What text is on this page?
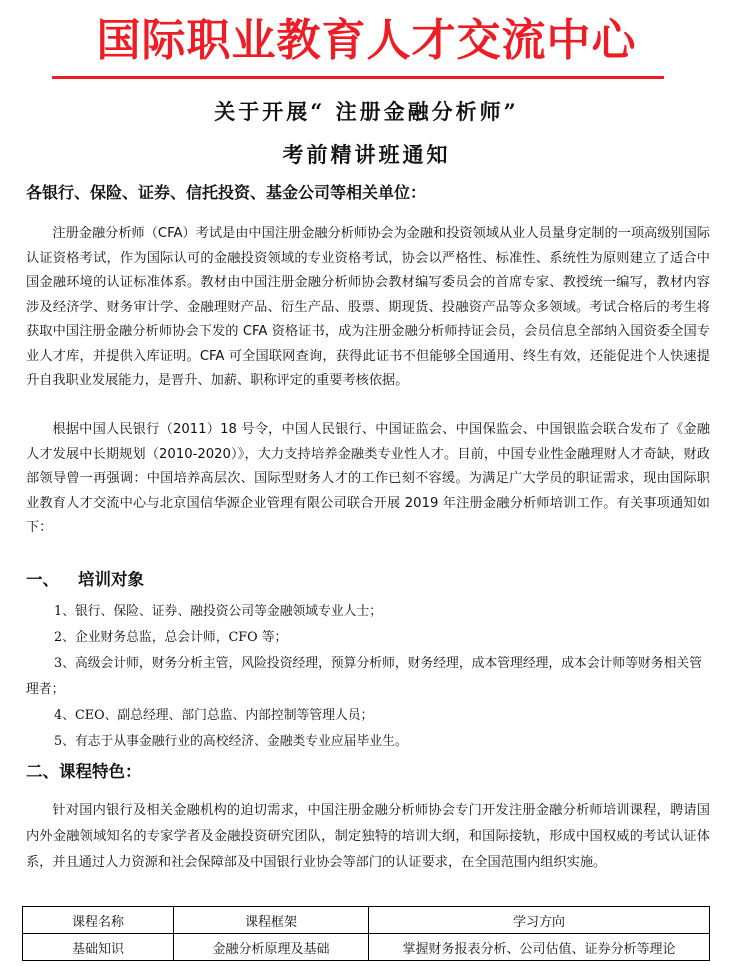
国际职业教育人才交流中心
关于开展“ 注册金融分析师”
考前精讲班通知
各银行、保险、证券、信托投资、基金公司等相关单位：
注册金融分析师（CFA）考试是由中国注册金融分析师协会为金融和投资领域从业人员量身定制的一项高级别国际认证资格考试，作为国际认可的金融投资领域的专业资格考试，协会以严格性、标准性、系统性为原则建立了适合中国金融环境的认证标准体系。教材由中国注册金融分析师协会教材编写委员会的首席专家、教授统一编写，教材内容涉及经济学、财务审计学、金融理财产品、衍生产品、股票、期现货、投融资产品等众多领域。考试合格后的考生将获取中国注册金融分析师协会下发的 CFA 资格证书，成为注册金融分析师持证会员，会员信息全部纳入国资委全国专业人才库，并提供入库证明。CFA 可全国联网查询，获得此证书不但能够全国通用、终生有效，还能促进个人快速提升自我职业发展能力，是晋升、加薪、职称评定的重要考核依据。
根据中国人民银行（2011）18 号令，中国人民银行、中国证监会、中国保监会、中国银监会联合发布了《金融人才发展中长期规划（2010-2020）》，大力支持培养金融类专业性人才。目前，中国专业性金融理财人才奇缺，财政部领导曾一再强调：中国培养高层次、国际型财务人才的工作已刻不容缓。为满足广大学员的职证需求，现由国际职业教育人才交流中心与北京国信华源企业管理有限公司联合开展 2019 年注册金融分析师培训工作。有关事项通知如下：
一、 培训对象
1、银行、保险、证券、融投资公司等金融领域专业人士；
2、企业财务总监，总会计师，CFO 等；
3、高级会计师，财务分析主管，风险投资经理，预算分析师，财务经理，成本管理经理，成本会计师等财务相关管理者；
4、CEO、副总经理、部门总监、内部控制等管理人员；
5、有志于从事金融行业的高校经济、金融类专业应届毕业生。
二、课程特色：
针对国内银行及相关金融机构的迫切需求，中国注册金融分析师协会专门开发注册金融分析师培训课程，聘请国内外金融领域知名的专家学者及金融投资研究团队，制定独特的培训大纲，和国际接轨，形成中国权威的考试认证体系，并且通过人力资源和社会保障部及中国银行业协会等部门的认证要求，在全国范围内组织实施。
课程名称	课程框架	学习方向
基础知识	金融分析原理及基础	掌握财务报表分析、公司估值、证券分析等理论
